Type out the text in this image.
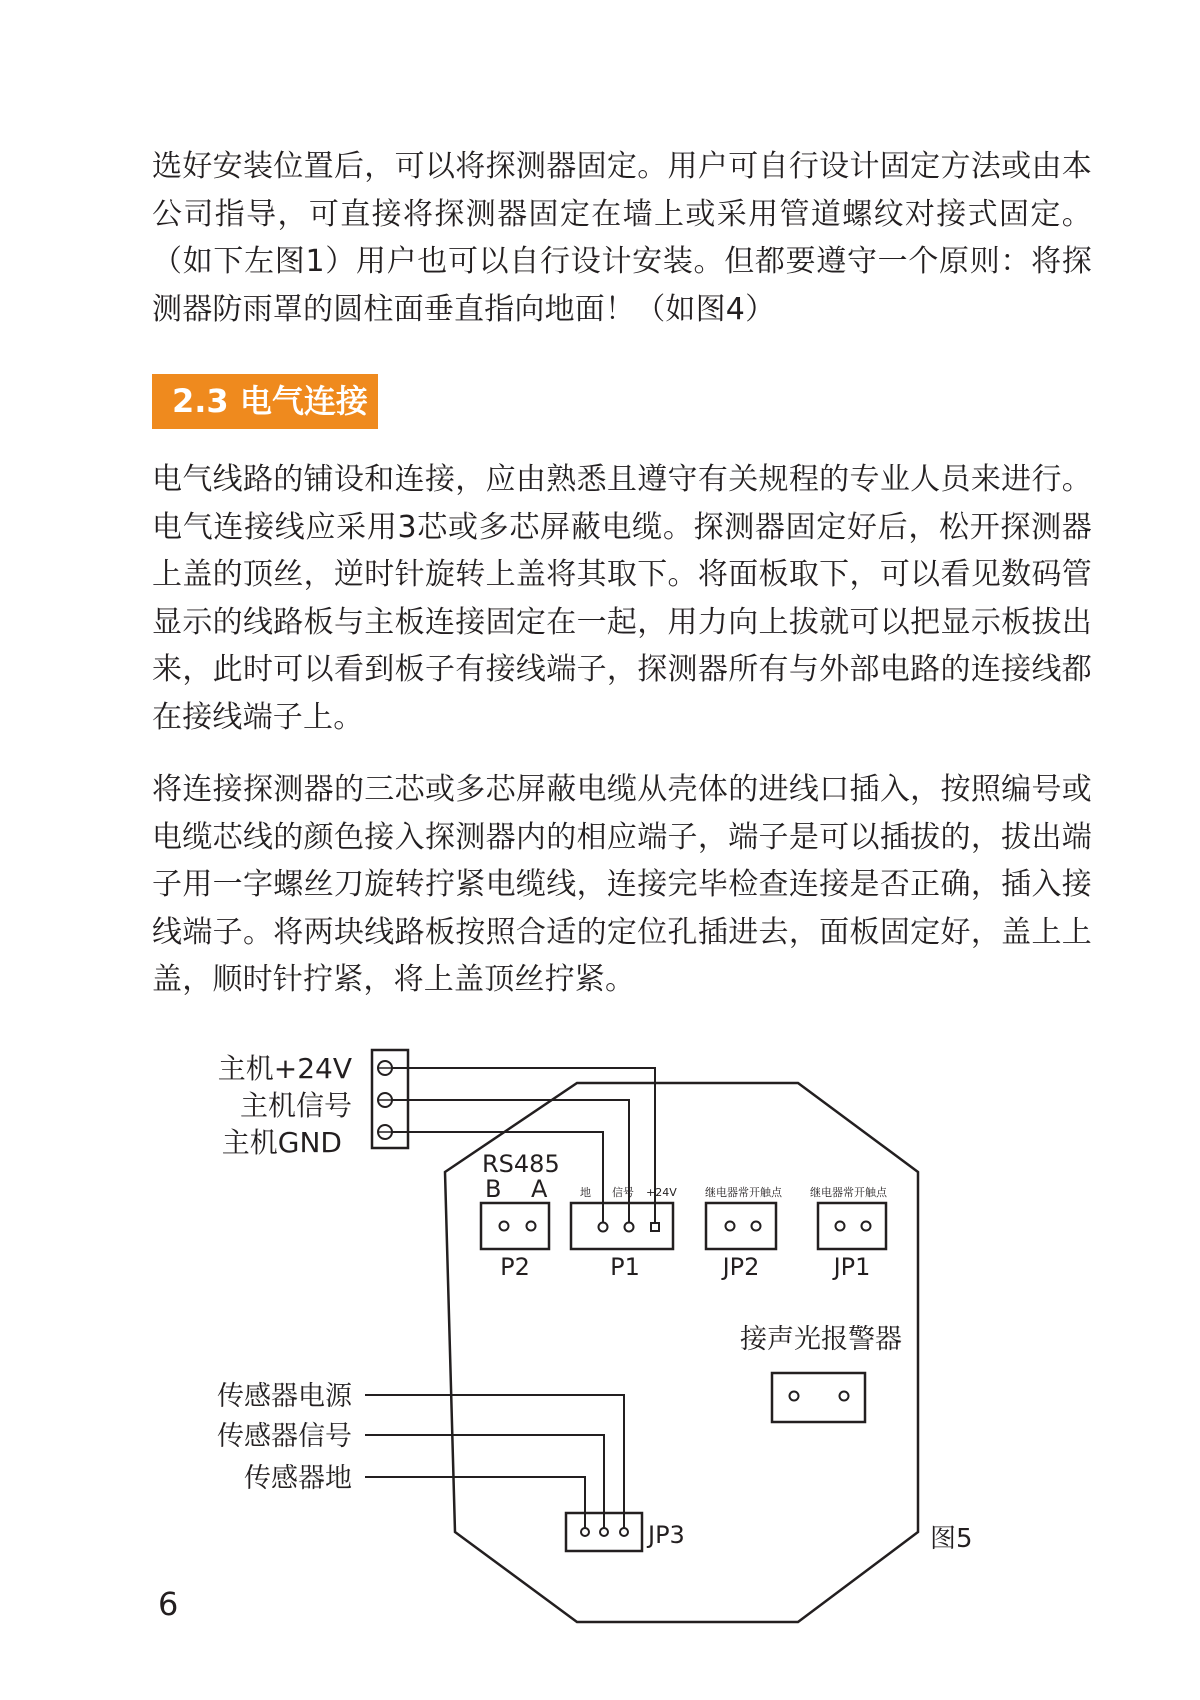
选好安装位置后，可以将探测器固定。用户可自行设计固定方法或由本公司指导，可直接将探测器固定在墙上或采用管道螺纹对接式固定。（如下左图1）用户也可以自行设计安装。但都要遵守一个原则：将探测器防雨罩的圆柱面垂直指向地面！（如图4）

2.3 电气连接

电气线路的铺设和连接，应由熟悉且遵守有关规程的专业人员来进行。电气连接线应采用3芯或多芯屏蔽电缆。探测器固定好后，松开探测器上盖的顶丝，逆时针旋转上盖将其取下。将面板取下，可以看见数码管显示的线路板与主板连接固定在一起，用力向上拔就可以把显示板拔出来，此时可以看到板子有接线端子，探测器所有与外部电路的连接线都在接线端子上。

将连接探测器的三芯或多芯屏蔽电缆从壳体的进线口插入，按照编号或电缆芯线的颜色接入探测器内的相应端子，端子是可以插拔的，拔出端子用一字螺丝刀旋转拧紧电缆线，连接完毕检查连接是否正确，插入接线端子。将两块线路板按照合适的定位孔插进去，面板固定好，盖上上盖，顺时针拧紧，将上盖顶丝拧紧。

主机+24V
主机信号
主机GND
RS485
B A	地 信号 +24V	继电器常开触点	继电器常开触点
P2	P1	JP2	JP1
JP3
接声光报警器
传感器电源
传感器信号
传感器地
图5
6
